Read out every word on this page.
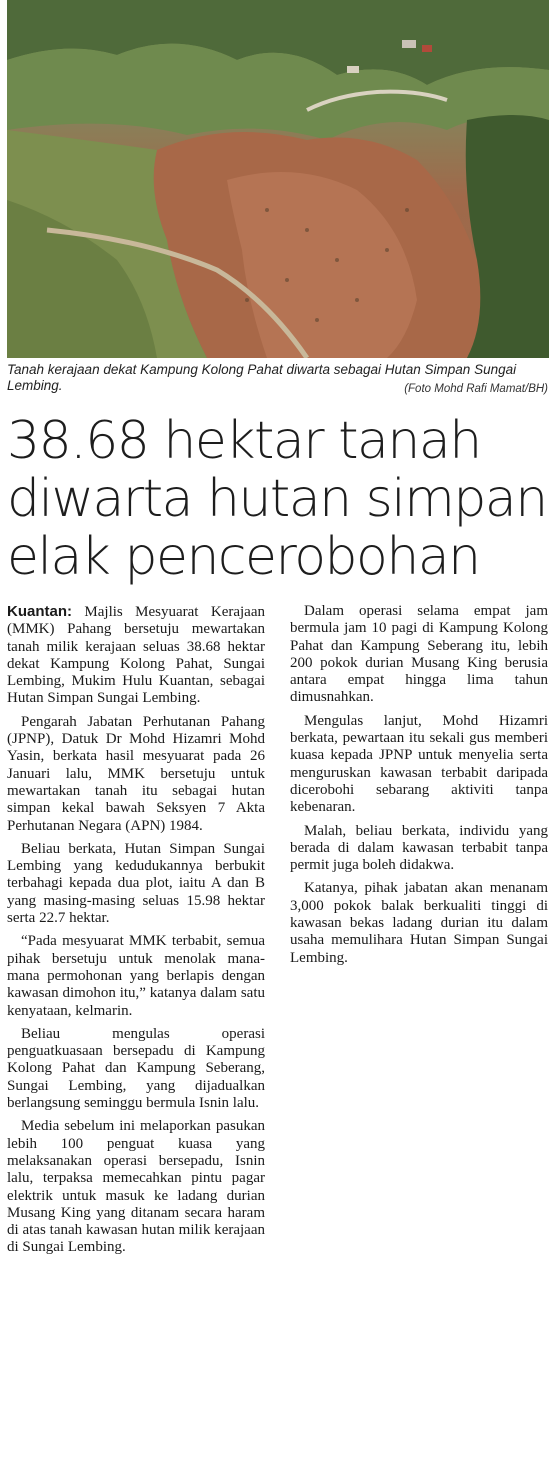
Tanah kerajaan dekat Kampung Kolong Pahat diwarta sebagai Hutan Simpan Sungai Lembing.	(Foto Mohd Rafi Mamat/BH)
38.68 hektar tanah diwarta hutan simpan elak pencerobohan

Kuantan: Majlis Mesyuarat Kerajaan (MMK) Pahang bersetuju mewartakan tanah milik kerajaan seluas 38.68 hektar dekat Kampung Kolong Pahat, Sungai Lembing, Mukim Hulu Kuantan, sebagai Hutan Simpan Sungai Lembing.

Pengarah Jabatan Perhutanan Pahang (JPNP), Datuk Dr Mohd Hizamri Mohd Yasin, berkata hasil mesyuarat pada 26 Januari lalu, MMK bersetuju untuk mewartakan tanah itu sebagai hutan simpan kekal bawah Seksyen 7 Akta Perhutanan Negara (APN) 1984.

Beliau berkata, Hutan Simpan Sungai Lembing yang kedudukannya berbukit terbahagi kepada dua plot, iaitu A dan B yang masing-masing seluas 15.98 hektar serta 22.7 hektar.

“Pada mesyuarat MMK terbabit, semua pihak bersetuju untuk menolak mana-mana permohonan yang berlapis dengan kawasan dimohon itu,” katanya dalam satu kenyataan, kelmarin.

Beliau mengulas operasi penguatkuasaan bersepadu di Kampung Kolong Pahat dan Kampung Seberang, Sungai Lembing, yang dijadualkan berlangsung seminggu bermula Isnin lalu.

Media sebelum ini melaporkan pasukan lebih 100 penguat kuasa yang melaksanakan operasi bersepadu, Isnin lalu, terpaksa memecahkan pintu pagar elektrik untuk masuk ke ladang durian Musang King yang ditanam secara haram di atas tanah kawasan hutan milik kerajaan di Sungai Lembing.

Dalam operasi selama empat jam bermula jam 10 pagi di Kampung Kolong Pahat dan Kampung Seberang itu, lebih 200 pokok durian Musang King berusia antara empat hingga lima tahun dimusnahkan.

Mengulas lanjut, Mohd Hizamri berkata, pewartaan itu sekali gus memberi kuasa kepada JPNP untuk menyelia serta menguruskan kawasan terbabit daripada dicerobohi sebarang aktiviti tanpa kebenaran.

Malah, beliau berkata, individu yang berada di dalam kawasan terbabit tanpa permit juga boleh didakwa.

Katanya, pihak jabatan akan menanam 3,000 pokok balak berkualiti tinggi di kawasan bekas ladang durian itu dalam usaha memulihara Hutan Simpan Sungai Lembing.
